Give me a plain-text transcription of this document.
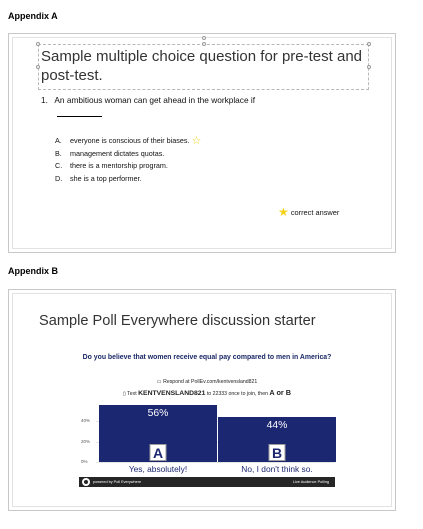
Appendix A
Sample multiple choice question for pre-test and post-test.
1. An ambitious woman can get ahead in the workplace if
A. everyone is conscious of their biases. ☆
B. management dictates quotas.
C. there is a mentorship program.
D. she is a top performer.
★ correct answer
Appendix B
Sample Poll Everywhere discussion starter
Do you believe that women receive equal pay compared to men in America?
▭ Respond at PollEv.com/kentvensland821
▯ Text KENTVENSLAND821 to 22333 once to join, then A or B
40%
20%
0%
56%
A
Yes, absolutely!
44%
B
No, I don't think so.
powered by Poll Everywhere	Live Audience Polling
